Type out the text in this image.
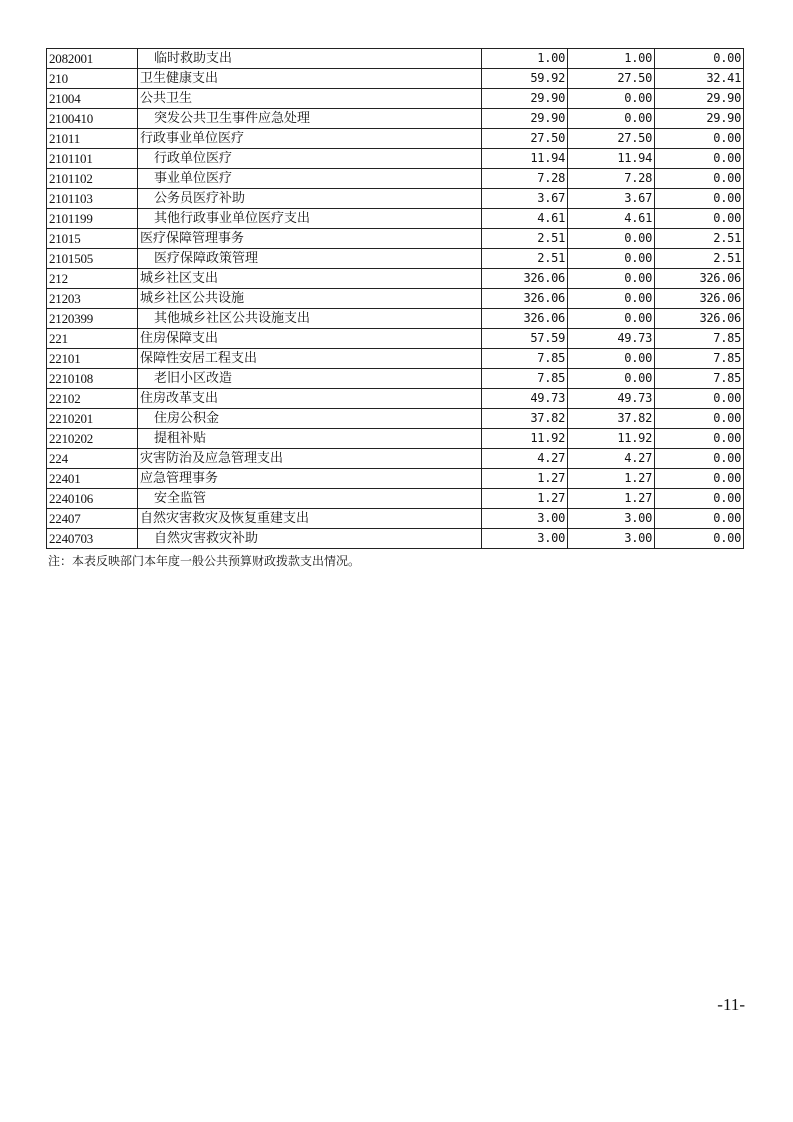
2082001	临时救助支出	1.00	1.00	0.00
210	卫生健康支出	59.92	27.50	32.41
21004	公共卫生	29.90	0.00	29.90
2100410	突发公共卫生事件应急处理	29.90	0.00	29.90
21011	行政事业单位医疗	27.50	27.50	0.00
2101101	行政单位医疗	11.94	11.94	0.00
2101102	事业单位医疗	7.28	7.28	0.00
2101103	公务员医疗补助	3.67	3.67	0.00
2101199	其他行政事业单位医疗支出	4.61	4.61	0.00
21015	医疗保障管理事务	2.51	0.00	2.51
2101505	医疗保障政策管理	2.51	0.00	2.51
212	城乡社区支出	326.06	0.00	326.06
21203	城乡社区公共设施	326.06	0.00	326.06
2120399	其他城乡社区公共设施支出	326.06	0.00	326.06
221	住房保障支出	57.59	49.73	7.85
22101	保障性安居工程支出	7.85	0.00	7.85
2210108	老旧小区改造	7.85	0.00	7.85
22102	住房改革支出	49.73	49.73	0.00
2210201	住房公积金	37.82	37.82	0.00
2210202	提租补贴	11.92	11.92	0.00
224	灾害防治及应急管理支出	4.27	4.27	0.00
22401	应急管理事务	1.27	1.27	0.00
2240106	安全监管	1.27	1.27	0.00
22407	自然灾害救灾及恢复重建支出	3.00	3.00	0.00
2240703	自然灾害救灾补助	3.00	3.00	0.00
注：本表反映部门本年度一般公共预算财政拨款支出情况。
-11-
